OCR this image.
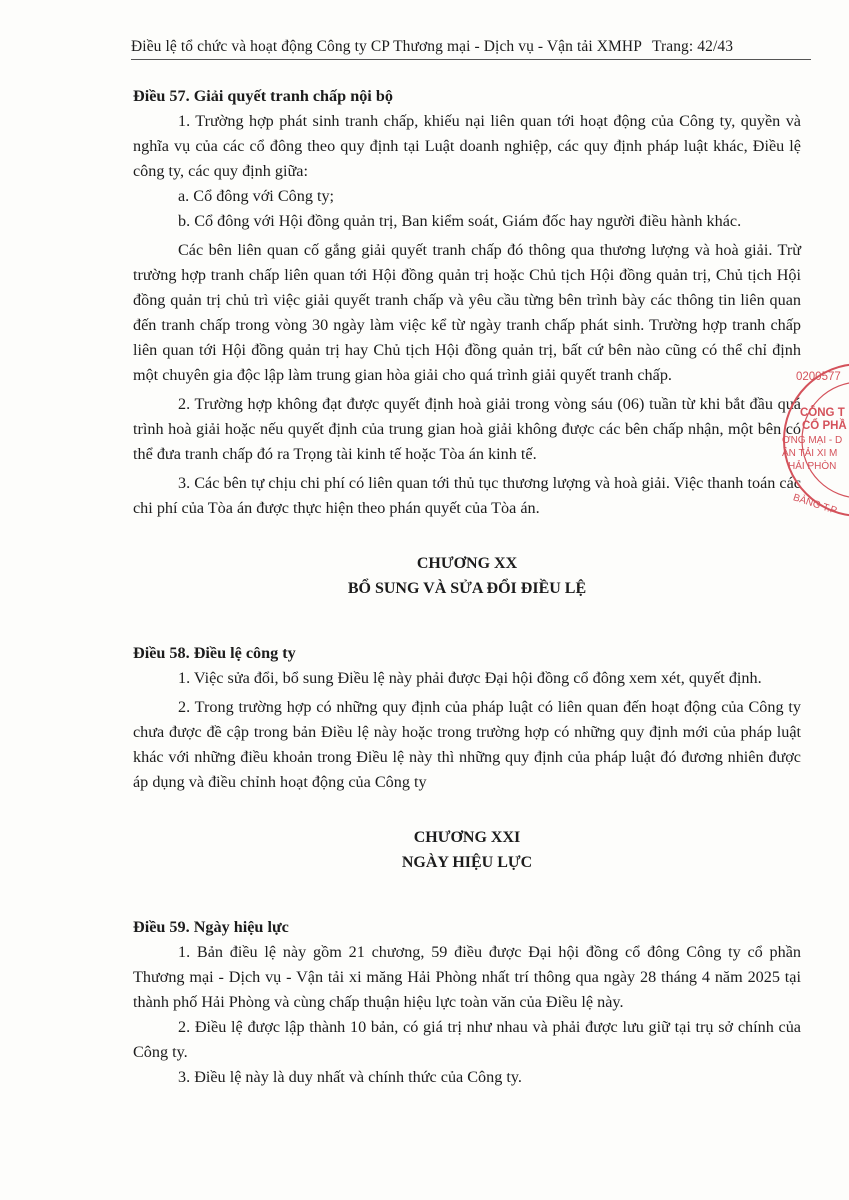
Điều lệ tổ chức và hoạt động Công ty CP Thương mại - Dịch vụ - Vận tải XMHP Trang: 42/43

Điều 57. Giải quyết tranh chấp nội bộ

1. Trường hợp phát sinh tranh chấp, khiếu nại liên quan tới hoạt động của Công ty, quyền và nghĩa vụ của các cổ đông theo quy định tại Luật doanh nghiệp, các quy định pháp luật khác, Điều lệ công ty, các quy định giữa:

a. Cổ đông với Công ty;

b. Cổ đông với Hội đồng quản trị, Ban kiểm soát, Giám đốc hay người điều hành khác.

Các bên liên quan cố gắng giải quyết tranh chấp đó thông qua thương lượng và hoà giải. Trừ trường hợp tranh chấp liên quan tới Hội đồng quản trị hoặc Chủ tịch Hội đồng quản trị, Chủ tịch Hội đồng quản trị chủ trì việc giải quyết tranh chấp và yêu cầu từng bên trình bày các thông tin liên quan đến tranh chấp trong vòng 30 ngày làm việc kể từ ngày tranh chấp phát sinh. Trường hợp tranh chấp liên quan tới Hội đồng quản trị hay Chủ tịch Hội đồng quản trị, bất cứ bên nào cũng có thể chỉ định một chuyên gia độc lập làm trung gian hòa giải cho quá trình giải quyết tranh chấp.

2. Trường hợp không đạt được quyết định hoà giải trong vòng sáu (06) tuần từ khi bắt đầu quá trình hoà giải hoặc nếu quyết định của trung gian hoà giải không được các bên chấp nhận, một bên có thể đưa tranh chấp đó ra Trọng tài kinh tế hoặc Tòa án kinh tế.

3. Các bên tự chịu chi phí có liên quan tới thủ tục thương lượng và hoà giải. Việc thanh toán các chi phí của Tòa án được thực hiện theo phán quyết của Tòa án.

CHƯƠNG XX
BỔ SUNG VÀ SỬA ĐỔI ĐIỀU LỆ

Điều 58. Điều lệ công ty

1. Việc sửa đổi, bổ sung Điều lệ này phải được Đại hội đồng cổ đông xem xét, quyết định.

2. Trong trường hợp có những quy định của pháp luật có liên quan đến hoạt động của Công ty chưa được đề cập trong bản Điều lệ này hoặc trong trường hợp có những quy định mới của pháp luật khác với những điều khoản trong Điều lệ này thì những quy định của pháp luật đó đương nhiên được áp dụng và điều chỉnh hoạt động của Công ty

CHƯƠNG XXI
NGÀY HIỆU LỰC

Điều 59. Ngày hiệu lực

1. Bản điều lệ này gồm 21 chương, 59 điều được Đại hội đồng cổ đông Công ty cổ phần Thương mại - Dịch vụ - Vận tải xi măng Hải Phòng nhất trí thông qua ngày 28 tháng 4 năm 2025 tại thành phố Hải Phòng và cùng chấp thuận hiệu lực toàn văn của Điều lệ này.

2. Điều lệ được lập thành 10 bản, có giá trị như nhau và phải được lưu giữ tại trụ sở chính của Công ty.

3. Điều lệ này là duy nhất và chính thức của Công ty.

0200577
CÔNG T
CỔ PHẦ
ƠNG MẠI - D
ẬN TẢI XI M
HẢI PHÒN
BÀNG T.P
